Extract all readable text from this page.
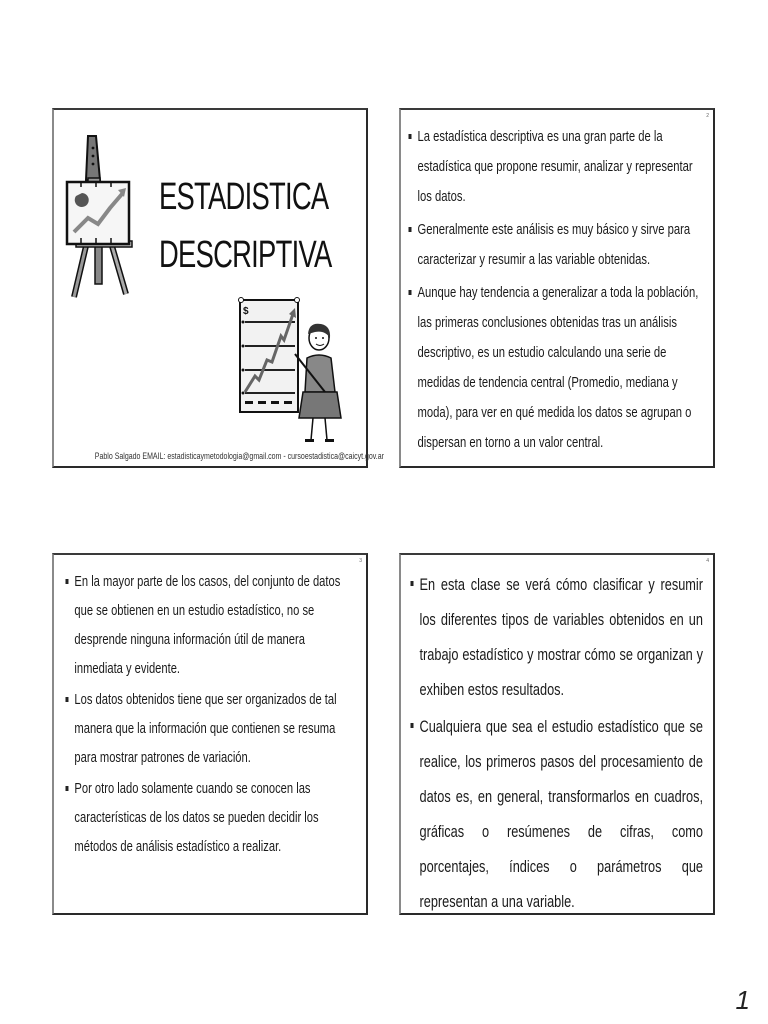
ESTADISTICA
DESCRIPTIVA
$
Pablo Salgado EMAIL: estadisticaymetodologia@gmail.com - cursoestadistica@caicyt.gov.ar
2
La estadística descriptiva es una gran parte de la estadística que propone resumir, analizar y representar los datos.
Generalmente este análisis es muy básico y sirve para caracterizar y resumir a las variable obtenidas.
Aunque hay tendencia a generalizar a toda la población, las primeras conclusiones obtenidas tras un análisis descriptivo, es un estudio calculando una serie de medidas de tendencia central (Promedio, mediana y moda), para ver en qué medida los datos se agrupan o dispersan en torno a un valor central.
3
En la mayor parte de los casos, del conjunto de datos que se obtienen en un estudio estadístico, no se desprende ninguna información útil de manera inmediata y evidente.
Los datos obtenidos tiene que ser organizados de tal manera que la información que contienen se resuma para mostrar patrones de variación.
Por otro lado solamente cuando se conocen las características de los datos se pueden decidir los métodos de análisis estadístico a realizar.
4
En esta clase se verá cómo clasificar y resumir los diferentes tipos de variables obtenidos en un trabajo estadístico y mostrar cómo se organizan y exhiben estos resultados.
Cualquiera que sea el estudio estadístico que se realice, los primeros pasos del procesamiento de datos es, en general, transformarlos en cuadros, gráficas o resúmenes de cifras, como porcentajes, índices o parámetros que representan a una variable.
1
